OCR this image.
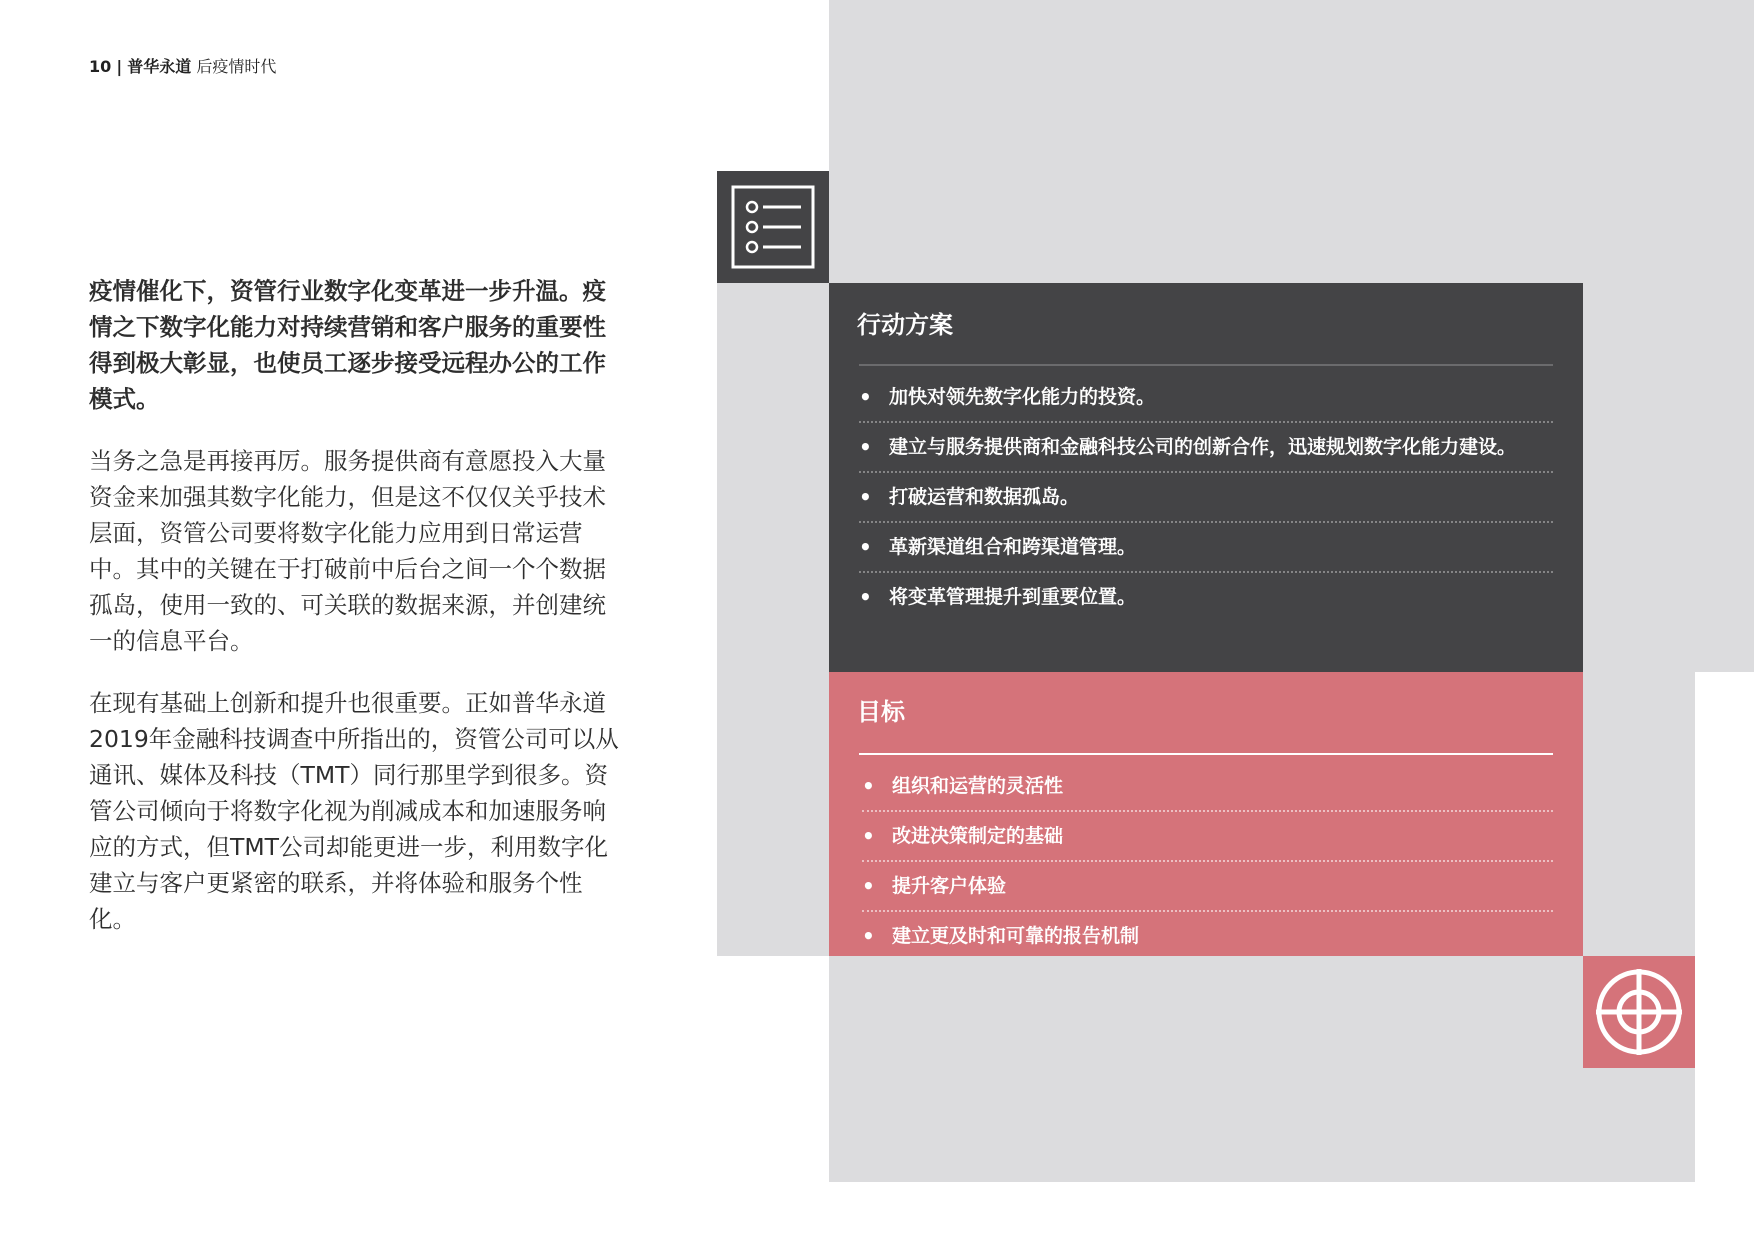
10 | 普华永道 后疫情时代

疫情催化下，资管行业数字化变革进一步升温。疫情之下数字化能力对持续营销和客户服务的重要性得到极大彰显，也使员工逐步接受远程办公的工作模式。

当务之急是再接再厉。服务提供商有意愿投入大量资金来加强其数字化能力，但是这不仅仅关乎技术层面，资管公司要将数字化能力应用到日常运营中。其中的关键在于打破前中后台之间一个个数据孤岛，使用一致的、可关联的数据来源，并创建统一的信息平台。

在现有基础上创新和提升也很重要。正如普华永道2019年金融科技调查中所指出的，资管公司可以从通讯、媒体及科技（TMT）同行那里学到很多。资管公司倾向于将数字化视为削减成本和加速服务响应的方式，但TMT公司却能更进一步，利用数字化建立与客户更紧密的联系，并将体验和服务个性化。

行动方案
• 加快对领先数字化能力的投资。
• 建立与服务提供商和金融科技公司的创新合作，迅速规划数字化能力建设。
• 打破运营和数据孤岛。
• 革新渠道组合和跨渠道管理。
• 将变革管理提升到重要位置。
目标
• 组织和运营的灵活性
• 改进决策制定的基础
• 提升客户体验
• 建立更及时和可靠的报告机制
